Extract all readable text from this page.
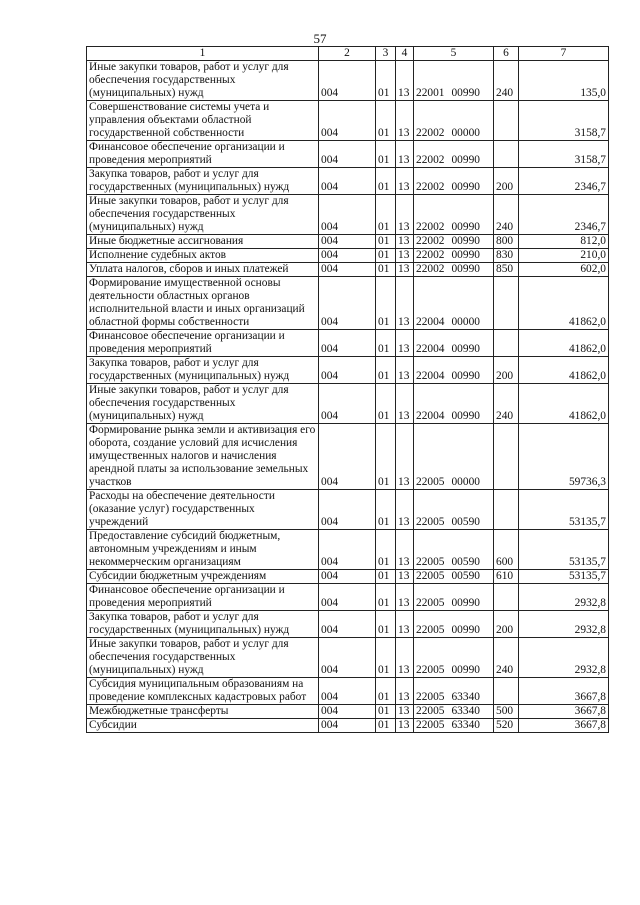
57
1	2	3	4	5	6	7
Иные закупки товаров, работ и услуг для обеспечения государственных (муниципальных) нужд	004	01	13	22001 00990	240	135,0
Совершенствование системы учета и управления объектами областной государственной собственности	004	01	13	22002 00000		3158,7
Финансовое обеспечение организации и проведения мероприятий	004	01	13	22002 00990		3158,7
Закупка товаров, работ и услуг для государственных (муниципальных) нужд	004	01	13	22002 00990	200	2346,7
Иные закупки товаров, работ и услуг для обеспечения государственных (муниципальных) нужд	004	01	13	22002 00990	240	2346,7
Иные бюджетные ассигнования	004	01	13	22002 00990	800	812,0
Исполнение судебных актов	004	01	13	22002 00990	830	210,0
Уплата налогов, сборов и иных платежей	004	01	13	22002 00990	850	602,0
Формирование имущественной основы деятельности областных органов исполнительной власти и иных организаций областной формы собственности	004	01	13	22004 00000		41862,0
Финансовое обеспечение организации и проведения мероприятий	004	01	13	22004 00990		41862,0
Закупка товаров, работ и услуг для государственных (муниципальных) нужд	004	01	13	22004 00990	200	41862,0
Иные закупки товаров, работ и услуг для обеспечения государственных (муниципальных) нужд	004	01	13	22004 00990	240	41862,0
Формирование рынка земли и активизация его оборота, создание условий для исчисления имущественных налогов и начисления арендной платы за использование земельных участков	004	01	13	22005 00000		59736,3
Расходы на обеспечение деятельности (оказание услуг) государственных учреждений	004	01	13	22005 00590		53135,7
Предоставление субсидий бюджетным, автономным учреждениям и иным некоммерческим организациям	004	01	13	22005 00590	600	53135,7
Субсидии бюджетным учреждениям	004	01	13	22005 00590	610	53135,7
Финансовое обеспечение организации и проведения мероприятий	004	01	13	22005 00990		2932,8
Закупка товаров, работ и услуг для государственных (муниципальных) нужд	004	01	13	22005 00990	200	2932,8
Иные закупки товаров, работ и услуг для обеспечения государственных (муниципальных) нужд	004	01	13	22005 00990	240	2932,8
Субсидия муниципальным образованиям на проведение комплексных кадастровых работ	004	01	13	22005 63340		3667,8
Межбюджетные трансферты	004	01	13	22005 63340	500	3667,8
Субсидии	004	01	13	22005 63340	520	3667,8
